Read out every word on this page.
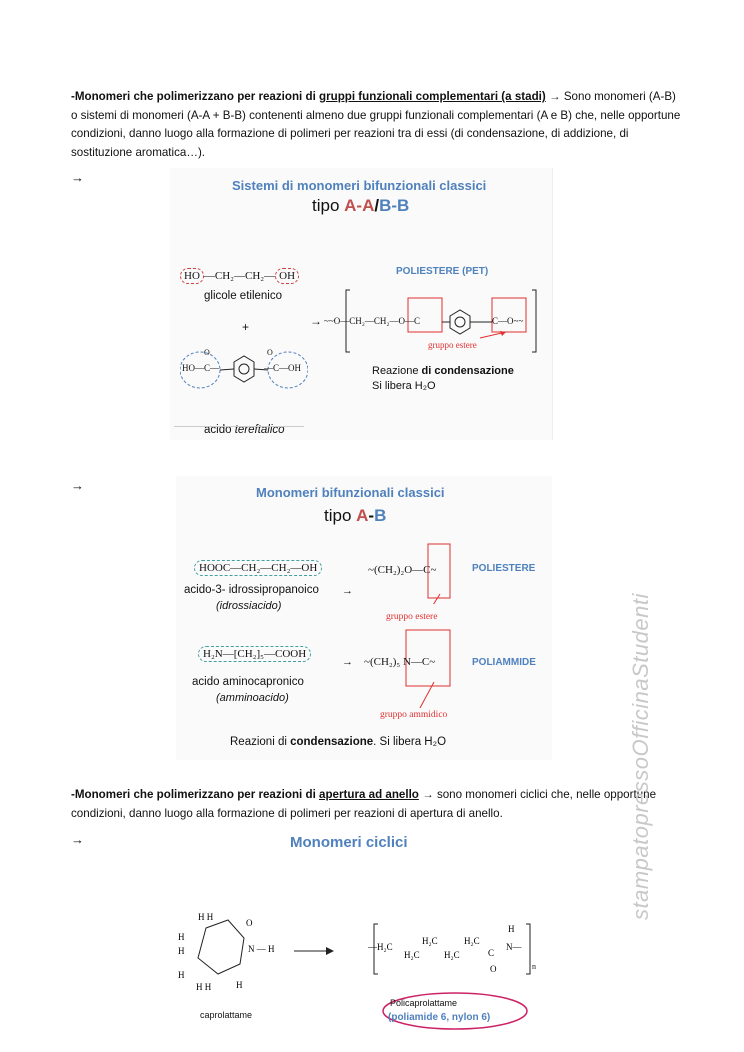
-Monomeri che polimerizzano per reazioni di gruppi funzionali complementari (a stadi) → Sono monomeri (A-B) o sistemi di monomeri (A-A + B-B) contenenti almeno due gruppi funzionali complementari (A e B) che, nelle opportune condizioni, danno luogo alla formazione di polimeri per reazioni tra di essi (di condensazione, di addizione, di sostituzione aromatica…).
→
Sistemi di monomeri bifunzionali classici
tipo A-A/B-B
HO —CH₂—CH₂— OH
glicole etilenico
+
HO—C—	—C—OH
O	O
acido tereftalico
POLIESTERE (PET)
→ ~~O—CH₂—CH₂—O—C	C—O~~
gruppo estere
Reazione di condensazione
Si libera H₂O
→	Monomeri bifunzionali classici
tipo A-B
HOOC—CH₂—CH₂—OH
acido-3- idrossipropanoico
(idrossiacido)
→
~(CH₂)₂O—C~	POLIESTERE
gruppo estere
H₂N—[CH₂]₅—COOH
acido aminocapronico
(amminoacido)
→ ~(CH₂)₅ N—C~	POLIAMMIDE
gruppo ammidico
Reazioni di condensazione. Si libera H₂O
-Monomeri che polimerizzano per reazioni di apertura ad anello → sono monomeri ciclici che, nelle opportune condizioni, danno luogo alla formazione di polimeri per reazioni di apertura di anello.
→	Monomeri ciclici
H H
O
N — H
H
H
H
H H	H
caprolattame
—H₂C
H₂C
H₂C
H₂C
H₂C
C
O
N—
H
n
Policaprolattame
(poliamide 6, nylon 6)
stampatopressoOfficinaStudenti
